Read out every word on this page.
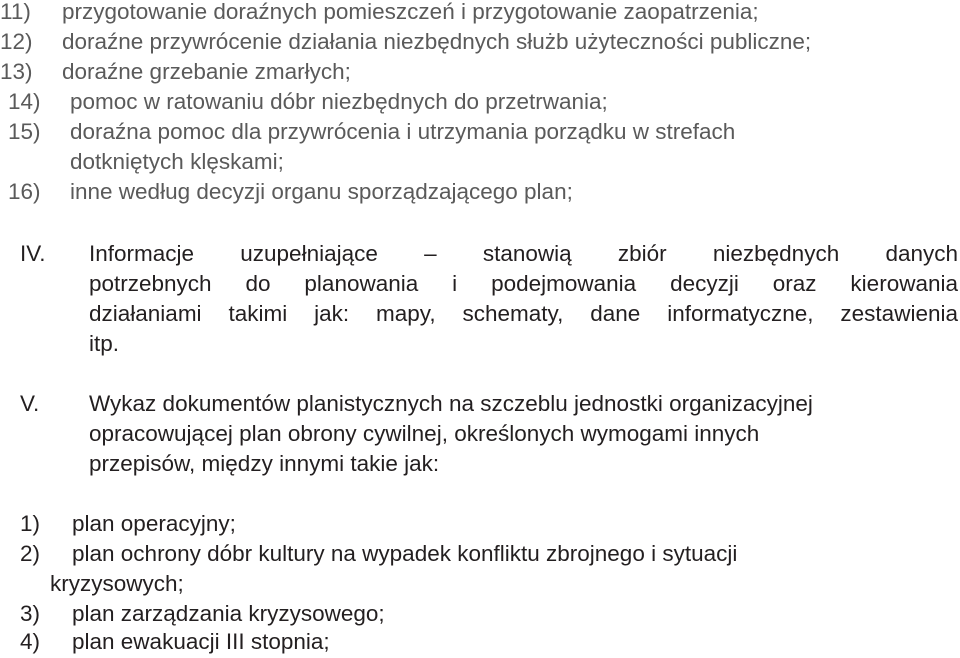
11) przygotowanie doraźnych pomieszczeń i przygotowanie zaopatrzenia;
12) doraźne przywrócenie działania niezbędnych służb użyteczności publiczne;
13) doraźne grzebanie zmarłych;
14) pomoc w ratowaniu dóbr niezbędnych do przetrwania;
15) doraźna pomoc dla przywrócenia i utrzymania porządku w strefach
dotkniętych klęskami;
16) inne według decyzji organu sporządzającego plan;
IV. Informacje uzupełniające – stanowią zbiór niezbędnych danych
potrzebnych do planowania i podejmowania decyzji oraz kierowania
działaniami takimi jak: mapy, schematy, dane informatyczne, zestawienia
itp.
V. Wykaz dokumentów planistycznych na szczeblu jednostki organizacyjnej
opracowującej plan obrony cywilnej, określonych wymogami innych
przepisów, między innymi takie jak:
1) plan operacyjny;
2) plan ochrony dóbr kultury na wypadek konfliktu zbrojnego i sytuacji
kryzysowych;
3) plan zarządzania kryzysowego;
4) plan ewakuacji III stopnia;
